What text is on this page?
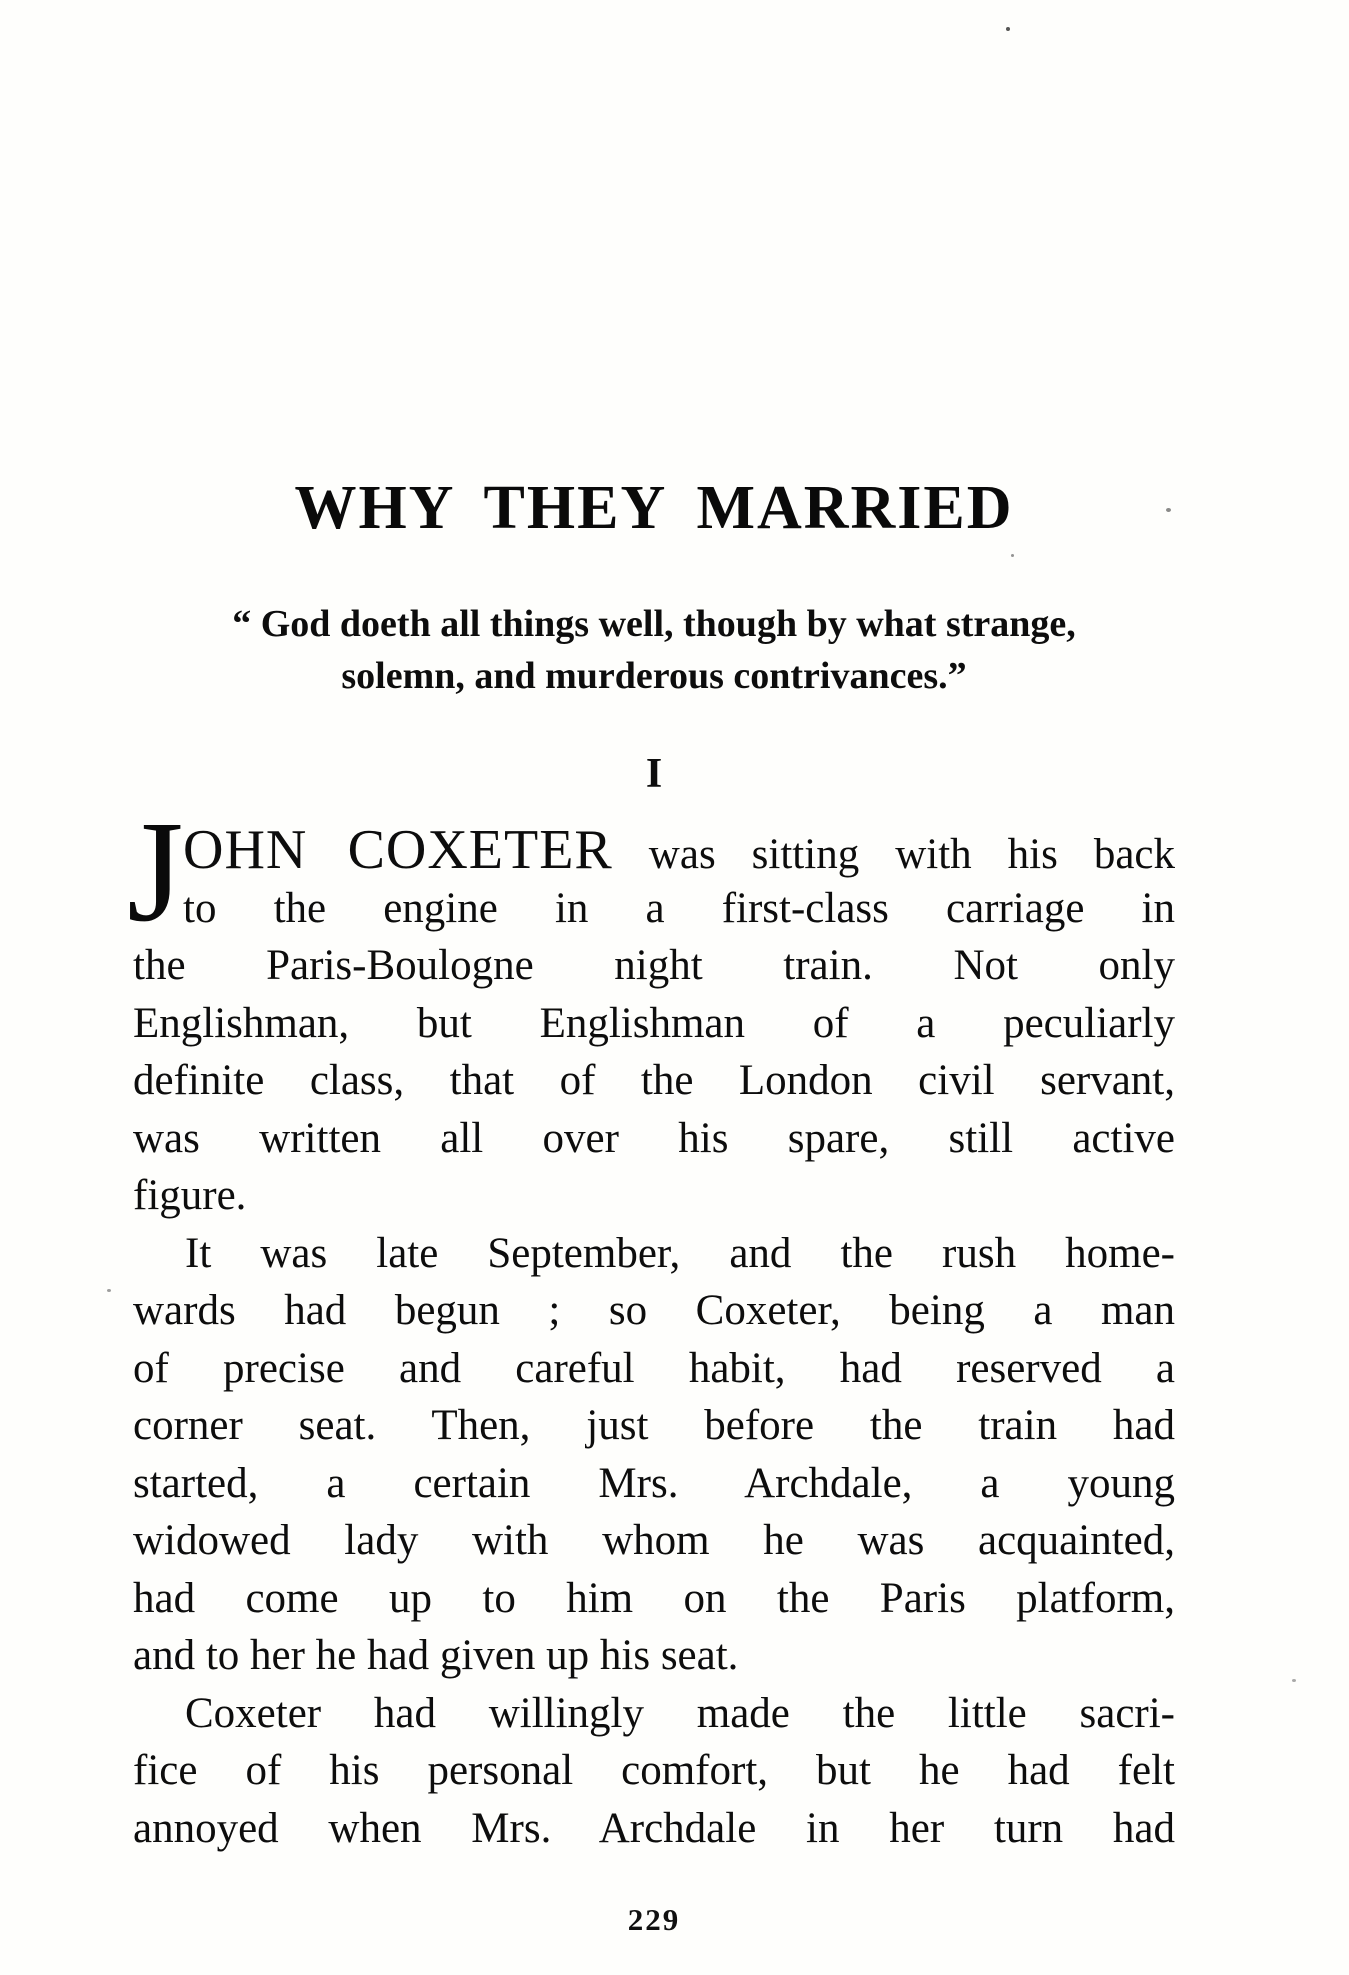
WHY THEY MARRIED
“ God doeth all things well, though by what strange,
solemn, and murderous contrivances.”
I
J OHN COXETER was sitting with his back
to the engine in a first-class carriage in
the Paris-Boulogne night train. Not only
Englishman, but Englishman of a peculiarly
definite class, that of the London civil servant,
was written all over his spare, still active
figure.
It was late September, and the rush home-
wards had begun ; so Coxeter, being a man
of precise and careful habit, had reserved a
corner seat. Then, just before the train had
started, a certain Mrs. Archdale, a young
widowed lady with whom he was acquainted,
had come up to him on the Paris platform,
and to her he had given up his seat.
Coxeter had willingly made the little sacri-
fice of his personal comfort, but he had felt
annoyed when Mrs. Archdale in her turn had
229
